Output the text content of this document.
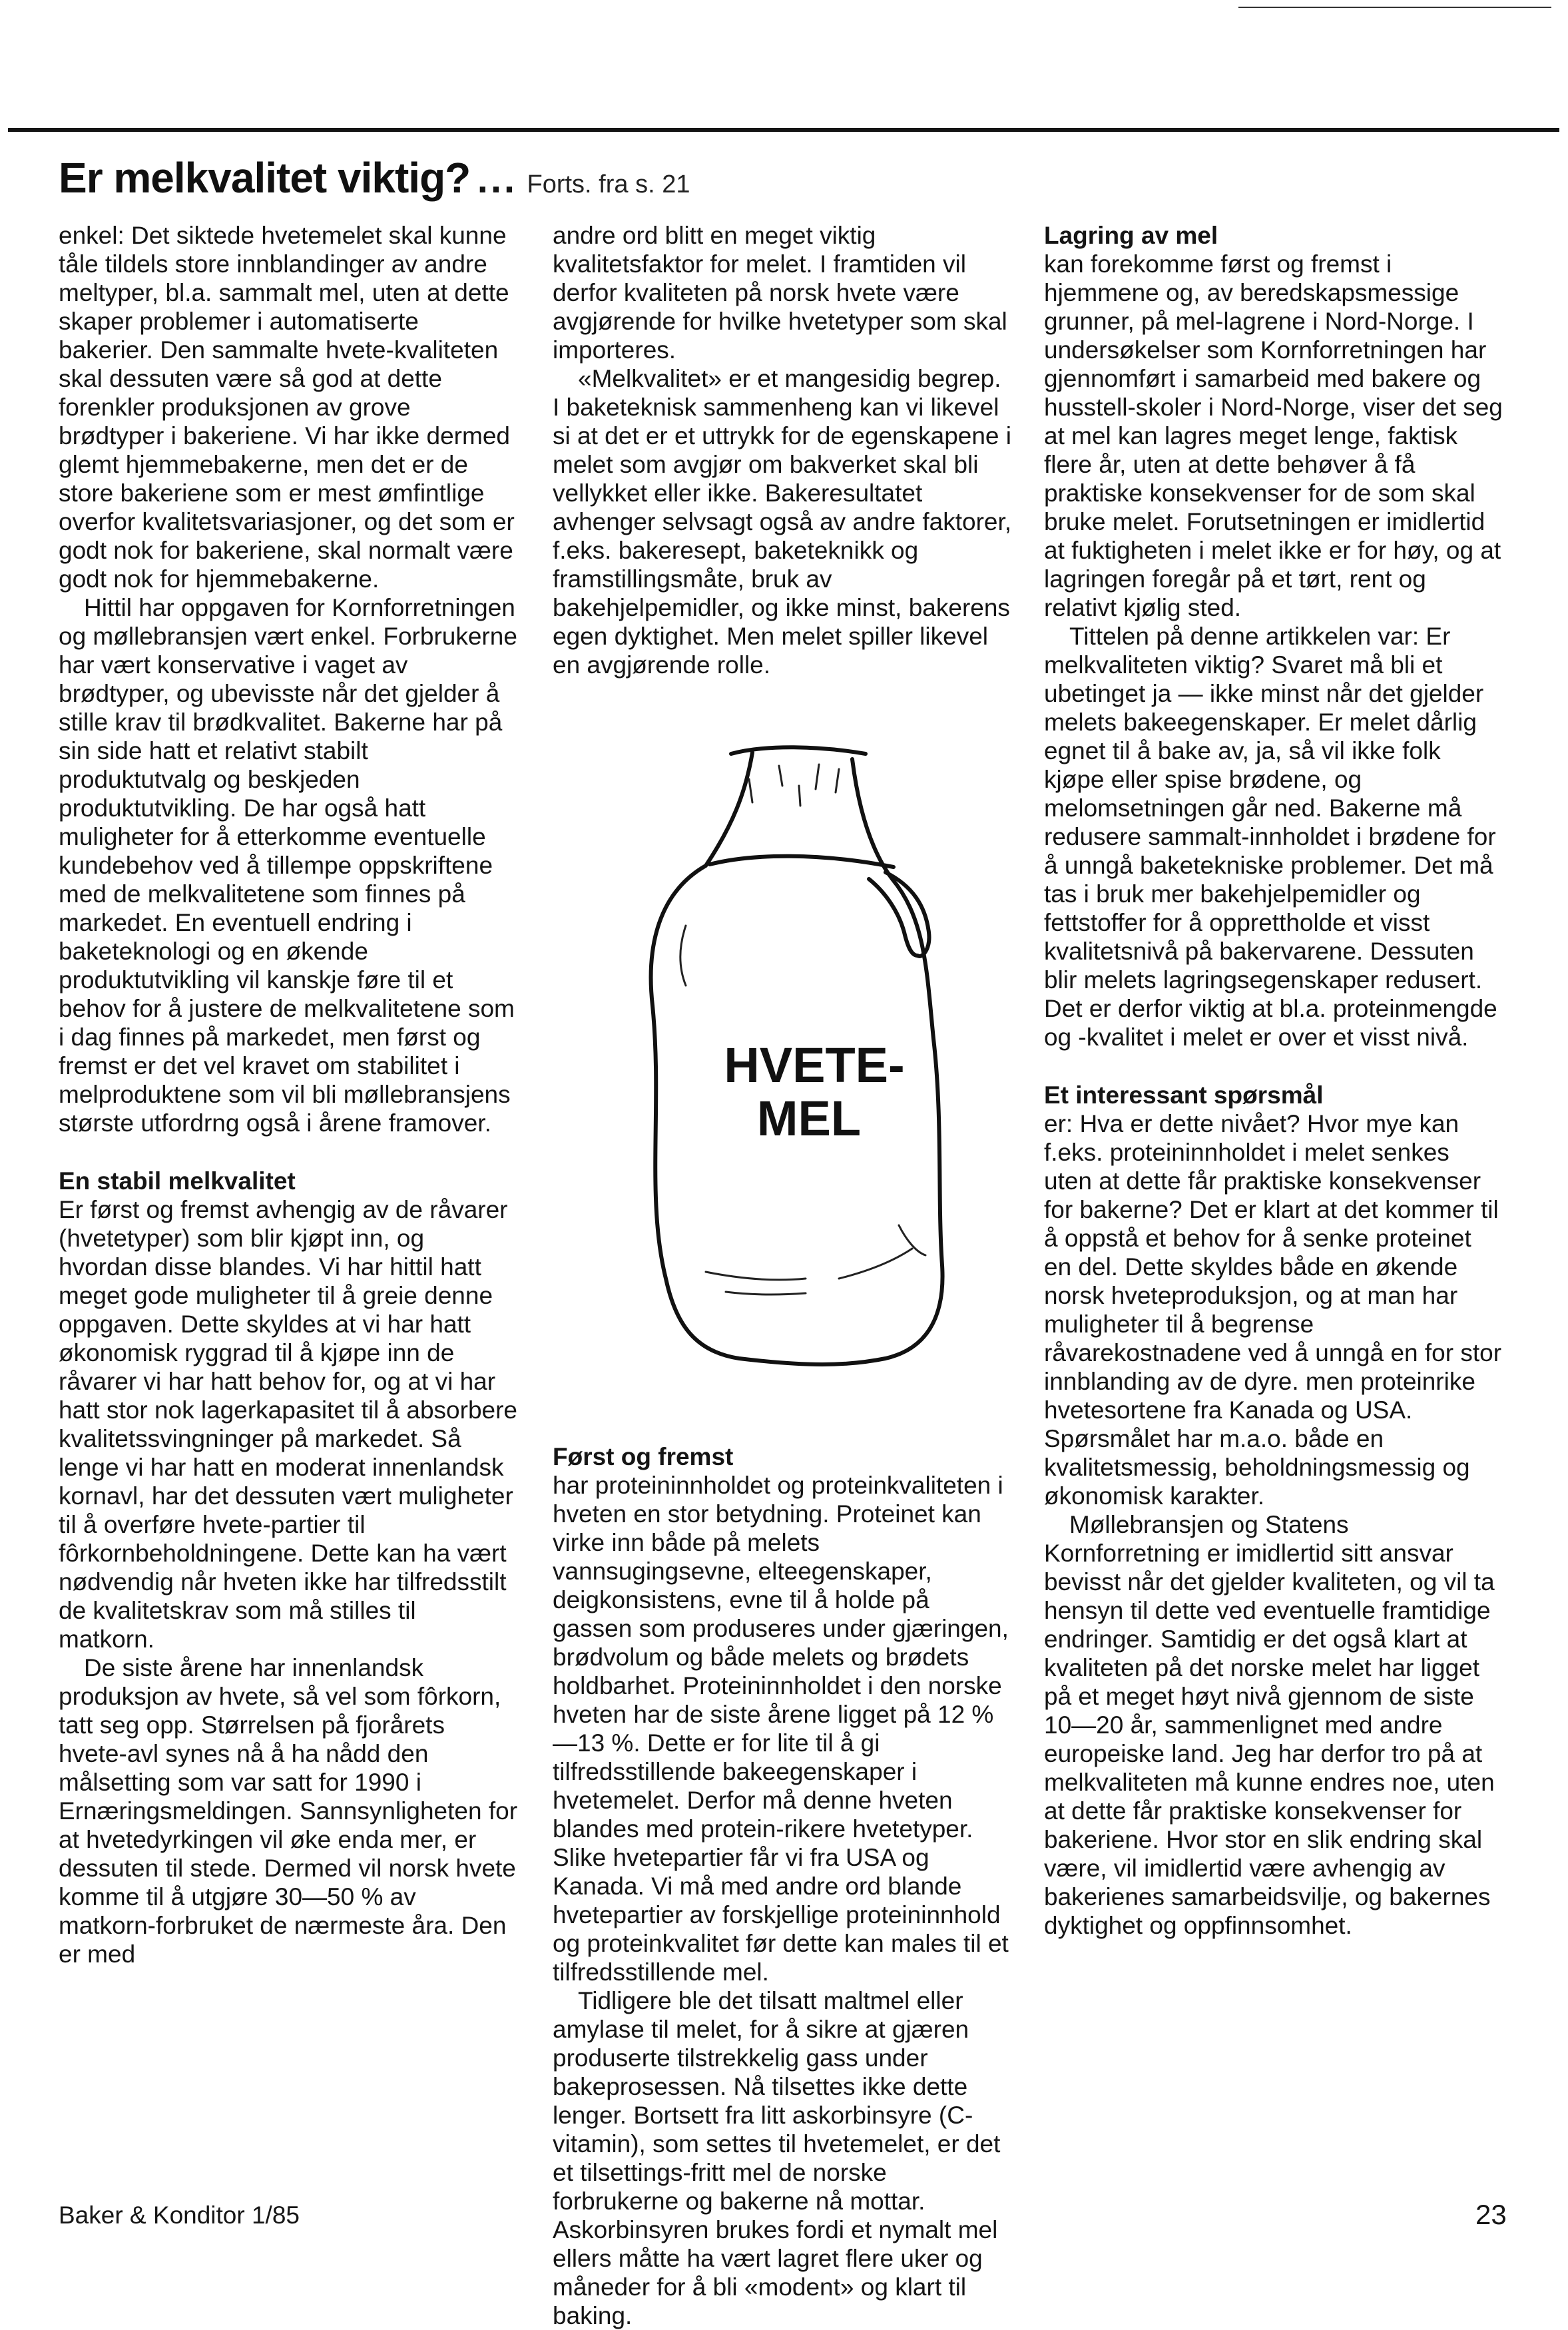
Er melkvalitet viktig? ... Forts. fra s. 21

enkel: Det siktede hvetemelet skal kunne tåle tildels store innblandinger av andre meltyper, bl.a. sammalt mel, uten at dette skaper problemer i automatiserte bakerier. Den sammalte hvete-kvaliteten skal dessuten være så god at dette forenkler produksjonen av grove brødtyper i bakeriene. Vi har ikke dermed glemt hjemmebakerne, men det er de store bakeriene som er mest ømfintlige overfor kvalitetsvariasjoner, og det som er godt nok for bakeriene, skal normalt være godt nok for hjemmebakerne.

Hittil har oppgaven for Kornforretningen og møllebransjen vært enkel. Forbrukerne har vært konservative i vaget av brødtyper, og ubevisste når det gjelder å stille krav til brødkvalitet. Bakerne har på sin side hatt et relativt stabilt produktutvalg og beskjeden produktutvikling. De har også hatt muligheter for å etterkomme eventuelle kundebehov ved å tillempe oppskriftene med de melkvalitetene som finnes på markedet. En eventuell endring i baketeknologi og en økende produktutvikling vil kanskje føre til et behov for å justere de melkvalitetene som i dag finnes på markedet, men først og fremst er det vel kravet om stabilitet i melproduktene som vil bli møllebransjens største utfordrng også i årene framover.

En stabil melkvalitet

Er først og fremst avhengig av de råvarer (hvetetyper) som blir kjøpt inn, og hvordan disse blandes. Vi har hittil hatt meget gode muligheter til å greie denne oppgaven. Dette skyldes at vi har hatt økonomisk ryggrad til å kjøpe inn de råvarer vi har hatt behov for, og at vi har hatt stor nok lagerkapasitet til å absorbere kvalitetssvingninger på markedet. Så lenge vi har hatt en moderat innenlandsk kornavl, har det dessuten vært muligheter til å overføre hvete-partier til fôrkornbeholdningene. Dette kan ha vært nødvendig når hveten ikke har tilfredsstilt de kvalitetskrav som må stilles til matkorn.

De siste årene har innenlandsk produksjon av hvete, så vel som fôrkorn, tatt seg opp. Størrelsen på fjorårets hvete-avl synes nå å ha nådd den målsetting som var satt for 1990 i Ernæringsmeldingen. Sannsynligheten for at hvetedyrkingen vil øke enda mer, er dessuten til stede. Dermed vil norsk hvete komme til å utgjøre 30—50 % av matkorn-forbruket de nærmeste åra. Den er med

andre ord blitt en meget viktig kvalitetsfaktor for melet. I framtiden vil derfor kvaliteten på norsk hvete være avgjørende for hvilke hvetetyper som skal importeres.

«Melkvalitet» er et mangesidig begrep. I baketeknisk sammenheng kan vi likevel si at det er et uttrykk for de egenskapene i melet som avgjør om bakverket skal bli vellykket eller ikke. Bakeresultatet avhenger selvsagt også av andre faktorer, f.eks. bakeresept, baketeknikk og framstillingsmåte, bruk av bakehjelpemidler, og ikke minst, bakerens egen dyktighet. Men melet spiller likevel en avgjørende rolle.

HVETE-
MEL
Først og fremst

har proteininnholdet og proteinkvaliteten i hveten en stor betydning. Proteinet kan virke inn både på melets vannsugingsevne, elteegenskaper, deigkonsistens, evne til å holde på gassen som produseres under gjæringen, brødvolum og både melets og brødets holdbarhet. Proteininnholdet i den norske hveten har de siste årene ligget på 12 %—13 %. Dette er for lite til å gi tilfredsstillende bakeegenskaper i hvetemelet. Derfor må denne hveten blandes med protein-rikere hvetetyper. Slike hvetepartier får vi fra USA og Kanada. Vi må med andre ord blande hvetepartier av forskjellige proteininnhold og proteinkvalitet før dette kan males til et tilfredsstillende mel.

Tidligere ble det tilsatt maltmel eller amylase til melet, for å sikre at gjæren produserte tilstrekkelig gass under bakeprosessen. Nå tilsettes ikke dette lenger. Bortsett fra litt askorbinsyre (C-vitamin), som settes til hvetemelet, er det et tilsettings-fritt mel de norske forbrukerne og bakerne nå mottar. Askorbinsyren brukes fordi et nymalt mel ellers måtte ha vært lagret flere uker og måneder for å bli «modent» og klart til baking.

Lagring av mel

kan forekomme først og fremst i hjemmene og, av beredskapsmessige grunner, på mel-lagrene i Nord-Norge. I undersøkelser som Kornforretningen har gjennomført i samarbeid med bakere og husstell-skoler i Nord-Norge, viser det seg at mel kan lagres meget lenge, faktisk flere år, uten at dette behøver å få praktiske konsekvenser for de som skal bruke melet. Forutsetningen er imidlertid at fuktigheten i melet ikke er for høy, og at lagringen foregår på et tørt, rent og relativt kjølig sted.

Tittelen på denne artikkelen var: Er melkvaliteten viktig? Svaret må bli et ubetinget ja — ikke minst når det gjelder melets bakeegenskaper. Er melet dårlig egnet til å bake av, ja, så vil ikke folk kjøpe eller spise brødene, og melomsetningen går ned. Bakerne må redusere sammalt-innholdet i brødene for å unngå baketekniske problemer. Det må tas i bruk mer bakehjelpemidler og fettstoffer for å opprettholde et visst kvalitetsnivå på bakervarene. Dessuten blir melets lagringsegenskaper redusert. Det er derfor viktig at bl.a. proteinmengde og -kvalitet i melet er over et visst nivå.

Et interessant spørsmål

er: Hva er dette nivået? Hvor mye kan f.eks. proteininnholdet i melet senkes uten at dette får praktiske konsekvenser for bakerne? Det er klart at det kommer til å oppstå et behov for å senke proteinet en del. Dette skyldes både en økende norsk hveteproduksjon, og at man har muligheter til å begrense råvarekostnadene ved å unngå en for stor innblanding av de dyre. men proteinrike hvetesortene fra Kanada og USA. Spørsmålet har m.a.o. både en kvalitetsmessig, beholdningsmessig og økonomisk karakter.

Møllebransjen og Statens Kornforretning er imidlertid sitt ansvar bevisst når det gjelder kvaliteten, og vil ta hensyn til dette ved eventuelle framtidige endringer. Samtidig er det også klart at kvaliteten på det norske melet har ligget på et meget høyt nivå gjennom de siste 10—20 år, sammenlignet med andre europeiske land. Jeg har derfor tro på at melkvaliteten må kunne endres noe, uten at dette får praktiske konsekvenser for bakeriene. Hvor stor en slik endring skal være, vil imidlertid være avhengig av bakerienes samarbeidsvilje, og bakernes dyktighet og oppfinnsomhet.

Baker & Konditor 1/85	23
